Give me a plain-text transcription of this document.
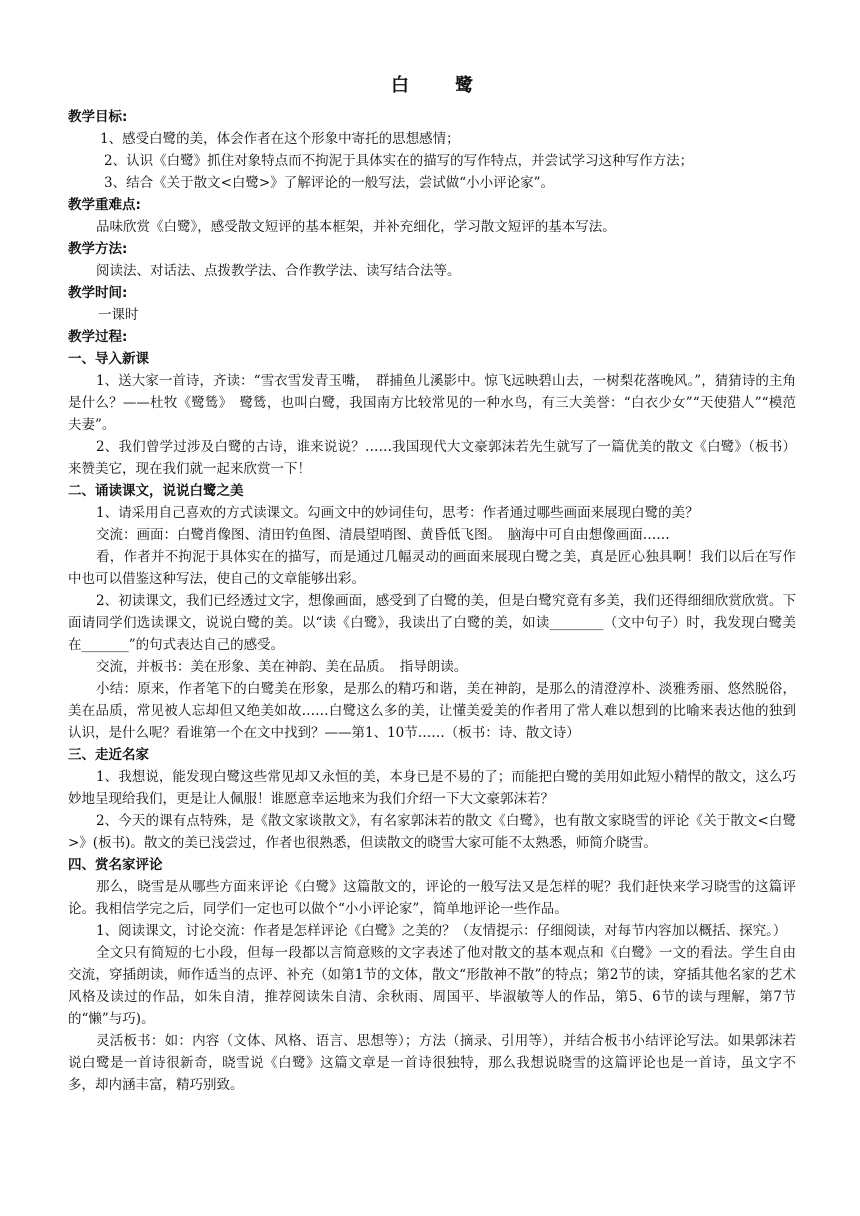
白　鹭

教学目标:

1、感受白鹭的美，体会作者在这个形象中寄托的思想感情；

2、认识《白鹭》抓住对象特点而不拘泥于具体实在的描写的写作特点，并尝试学习这种写作方法；

3、结合《关于散文<白鹭>》了解评论的一般写法，尝试做“小小评论家”。

教学重难点:

品味欣赏《白鹭》，感受散文短评的基本框架，并补充细化，学习散文短评的基本写法。

教学方法:

阅读法、对话法、点拨教学法、合作教学法、读写结合法等。

教学时间:

一课时

教学过程:

一、导入新课

1、送大家一首诗，齐读：“雪衣雪发青玉嘴，　群捕鱼儿溪影中。惊飞远映碧山去，一树梨花落晚风。”，猜猜诗的主角是什么？——杜牧《鹭鸶》　鹭鸶，也叫白鹭，我国南方比较常见的一种水鸟，有三大美誉：“白衣少女”“天使猎人”“模范夫妻”。

2、我们曾学过涉及白鹭的古诗，谁来说说？……我国现代大文豪郭沫若先生就写了一篇优美的散文《白鹭》（板书）来赞美它，现在我们就一起来欣赏一下！

二、诵读课文，说说白鹭之美

1、请采用自己喜欢的方式读课文。勾画文中的妙词佳句，思考：作者通过哪些画面来展现白鹭的美？

交流：画面：白鹭肖像图、清田钓鱼图、清晨望哨图、黄昏低飞图。　脑海中可自由想像画面……

看，作者并不拘泥于具体实在的描写，而是通过几幅灵动的画面来展现白鹭之美，真是匠心独具啊！我们以后在写作中也可以借鉴这种写法，使自己的文章能够出彩。

2、初读课文，我们已经透过文字，想像画面，感受到了白鹭的美，但是白鹭究竟有多美，我们还得细细欣赏欣赏。下面请同学们选读课文，说说白鹭的美。以“读《白鹭》，我读出了白鹭的美，如读________（文中句子）时，我发现白鹭美在_______”的句式表达自己的感受。

交流，并板书：美在形象、美在神韵、美在品质。　指导朗读。

小结：原来，作者笔下的白鹭美在形象，是那么的精巧和谐，美在神韵，是那么的清澄淳朴、淡雅秀丽、悠然脱俗，美在品质，常见被人忘却但又绝美如故……白鹭这么多的美，让懂美爱美的作者用了常人难以想到的比喻来表达他的独到认识，是什么呢？看谁第一个在文中找到？——第1、10节……（板书：诗、散文诗）

三、走近名家

1、我想说，能发现白鹭这些常见却又永恒的美，本身已是不易的了；而能把白鹭的美用如此短小精悍的散文，这么巧妙地呈现给我们，更是让人佩服！谁愿意幸运地来为我们介绍一下大文豪郭沫若？

2、今天的课有点特殊，是《散文家谈散文》，有名家郭沫若的散文《白鹭》，也有散文家晓雪的评论《关于散文<白鹭>》(板书)。散文的美已浅尝过，作者也很熟悉，但读散文的晓雪大家可能不太熟悉，师简介晓雪。

四、赏名家评论

那么，晓雪是从哪些方面来评论《白鹭》这篇散文的，评论的一般写法又是怎样的呢？我们赶快来学习晓雪的这篇评论。我相信学完之后，同学们一定也可以做个“小小评论家”，简单地评论一些作品。

1、阅读课文，讨论交流：作者是怎样评论《白鹭》之美的？（友情提示：仔细阅读，对每节内容加以概括、探究。）

全文只有简短的七小段，但每一段都以言简意赅的文字表述了他对散文的基本观点和《白鹭》一文的看法。学生自由交流，穿插朗读，师作适当的点评、补充（如第1节的文体，散文“形散神不散”的特点；第2节的读，穿插其他名家的艺术风格及读过的作品，如朱自清，推荐阅读朱自清、余秋雨、周国平、毕淑敏等人的作品，第5、6节的读与理解，第7节的“懒”与巧)。

灵活板书：如：内容（文体、风格、语言、思想等）；方法（摘录、引用等），并结合板书小结评论写法。如果郭沫若说白鹭是一首诗很新奇，晓雪说《白鹭》这篇文章是一首诗很独特，那么我想说晓雪的这篇评论也是一首诗，虽文字不多，却内涵丰富，精巧别致。
